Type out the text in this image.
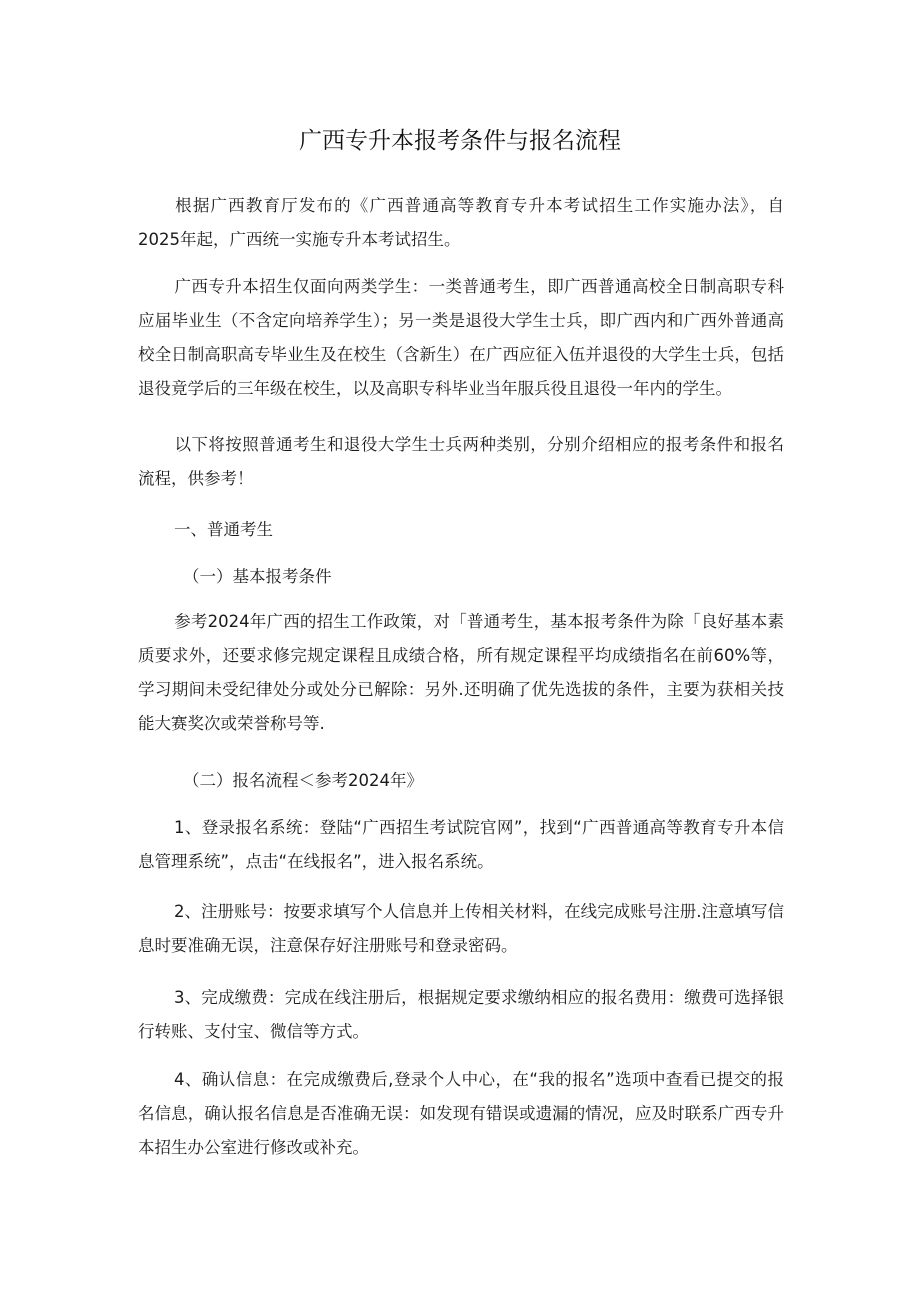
广西专升本报考条件与报名流程
根据广西教育厅发布的《广西普通高等教育专升本考试招生工作实施办法》，自2025年起，广西统一实施专升本考试招生。
广西专升本招生仅面向两类学生：一类普通考生，即广西普通高校全日制高职专科应届毕业生（不含定向培养学生）；另一类是退役大学生士兵，即广西内和广西外普通高校全日制高职高专毕业生及在校生（含新生）在广西应征入伍并退役的大学生士兵，包括退役竟学后的三年级在校生，以及高职专科毕业当年服兵役且退役一年内的学生。
以下将按照普通考生和退役大学生士兵两种类别，分别介绍相应的报考条件和报名流程，供参考！
一、普通考生
（一）基本报考条件
参考2024年广西的招生工作政策，对「普通考生，基本报考条件为除「良好基本素质要求外，还要求修完规定课程且成绩合格，所有规定课程平均成绩指名在前60%等，学习期间未受纪律处分或处分已解除：另外.还明确了优先选拔的条件，主要为获相关技能大赛奖次或荣誉称号等.
（二）报名流程＜参考2024年》
1、登录报名系统：登陆“广西招生考试院官网”，找到“广西普通高等教育专升本信息管理系统”，点击“在线报名”，进入报名系统。
2、注册账号：按要求填写个人信息并上传相关材料，在线完成账号注册.注意填写信息时要准确无误，注意保存好注册账号和登录密码。
3、完成缴费：完成在线注册后，根据规定要求缴纳相应的报名费用：缴费可选择银行转账、支付宝、微信等方式。
4、确认信息：在完成缴费后,登录个人中心，在“我的报名”选项中查看已提交的报名信息，确认报名信息是否准确无误：如发现有错误或遗漏的情况，应及时联系广西专升本招生办公室进行修改或补充。
